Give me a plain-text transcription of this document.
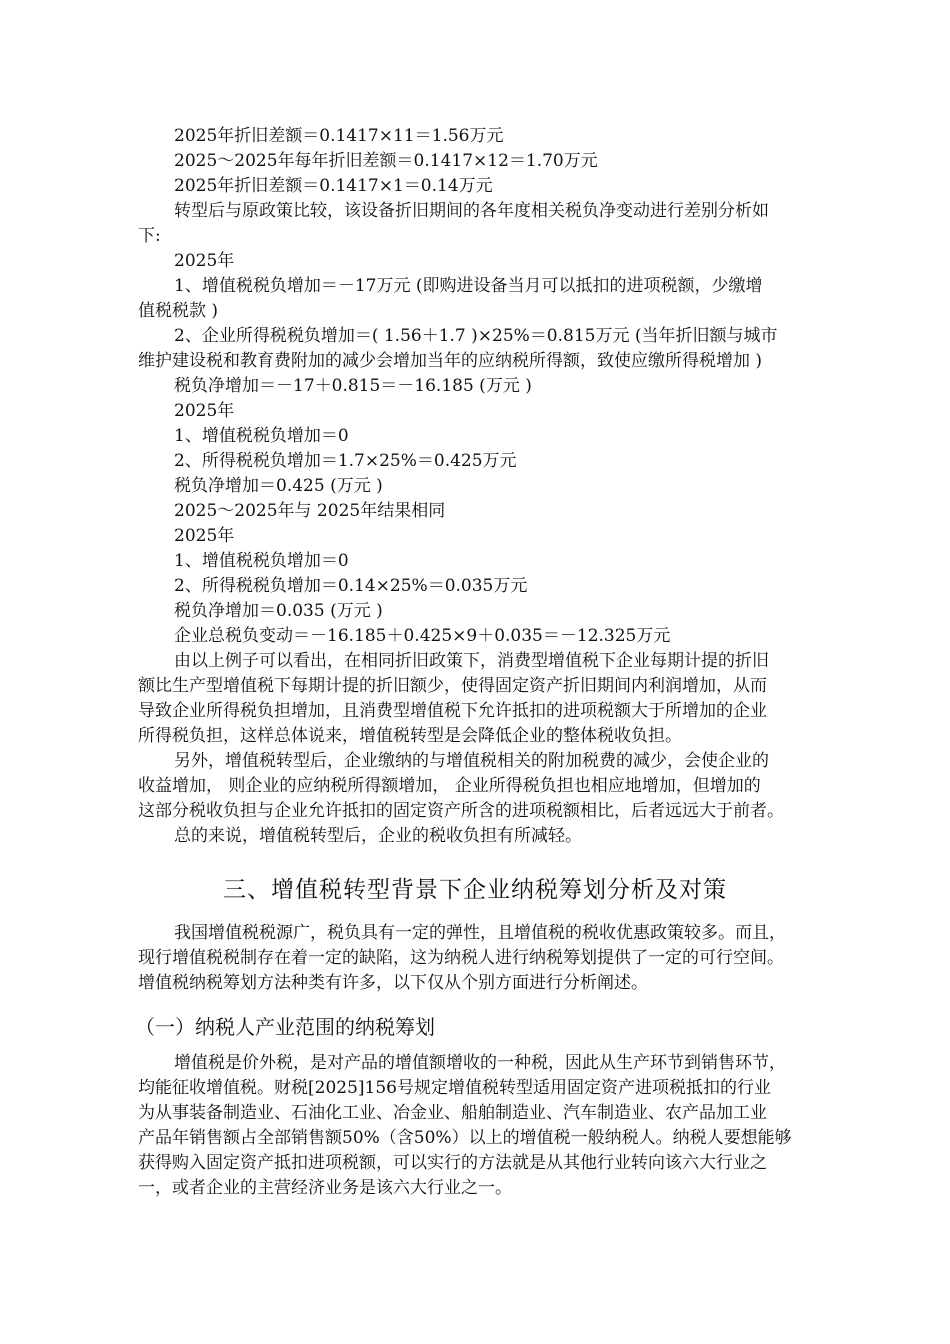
2025年折旧差额＝0.1417×11＝1.56万元
2025～2025年每年折旧差额＝0.1417×12＝1.70万元
2025年折旧差额＝0.1417×1＝0.14万元
转型后与原政策比较，该设备折旧期间的各年度相关税负净变动进行差别分析如
下:
2025年
1、增值税税负增加＝－17万元 (即购进设备当月可以抵扣的进项税额，少缴增
值税税款 )
2、企业所得税税负增加＝( 1.56＋1.7 )×25%＝0.815万元 (当年折旧额与城市
维护建设税和教育费附加的减少会增加当年的应纳税所得额，致使应缴所得税增加 )
税负净增加＝－17＋0.815＝－16.185 (万元 )
2025年
1、增值税税负增加＝0
2、所得税税负增加＝1.7×25%＝0.425万元
税负净增加＝0.425 (万元 )
2025～2025年与 2025年结果相同
2025年
1、增值税税负增加＝0
2、所得税税负增加＝0.14×25%＝0.035万元
税负净增加＝0.035 (万元 )
企业总税负变动＝－16.185＋0.425×9＋0.035＝－12.325万元
由以上例子可以看出，在相同折旧政策下，消费型增值税下企业每期计提的折旧
额比生产型增值税下每期计提的折旧额少，使得固定资产折旧期间内利润增加，从而
导致企业所得税负担增加，且消费型增值税下允许抵扣的进项税额大于所增加的企业
所得税负担，这样总体说来，增值税转型是会降低企业的整体税收负担。
另外，增值税转型后，企业缴纳的与增值税相关的附加税费的减少，会使企业的
收益增加， 则企业的应纳税所得额增加， 企业所得税负担也相应地增加，但增加的
这部分税收负担与企业允许抵扣的固定资产所含的进项税额相比，后者远远大于前者。
总的来说，增值税转型后，企业的税收负担有所减轻。
三、增值税转型背景下企业纳税筹划分析及对策
我国增值税税源广，税负具有一定的弹性，且增值税的税收优惠政策较多。而且，
现行增值税税制存在着一定的缺陷，这为纳税人进行纳税筹划提供了一定的可行空间。
增值税纳税筹划方法种类有许多，以下仅从个别方面进行分析阐述。
（一）纳税人产业范围的纳税筹划
增值税是价外税，是对产品的增值额增收的一种税，因此从生产环节到销售环节，
均能征收增值税。财税[2025]156号规定增值税转型适用固定资产进项税抵扣的行业
为从事装备制造业、石油化工业、冶金业、船舶制造业、汽车制造业、农产品加工业
产品年销售额占全部销售额50%（含50%）以上的增值税一般纳税人。纳税人要想能够
获得购入固定资产抵扣进项税额，可以实行的方法就是从其他行业转向该六大行业之
一，或者企业的主营经济业务是该六大行业之一。
